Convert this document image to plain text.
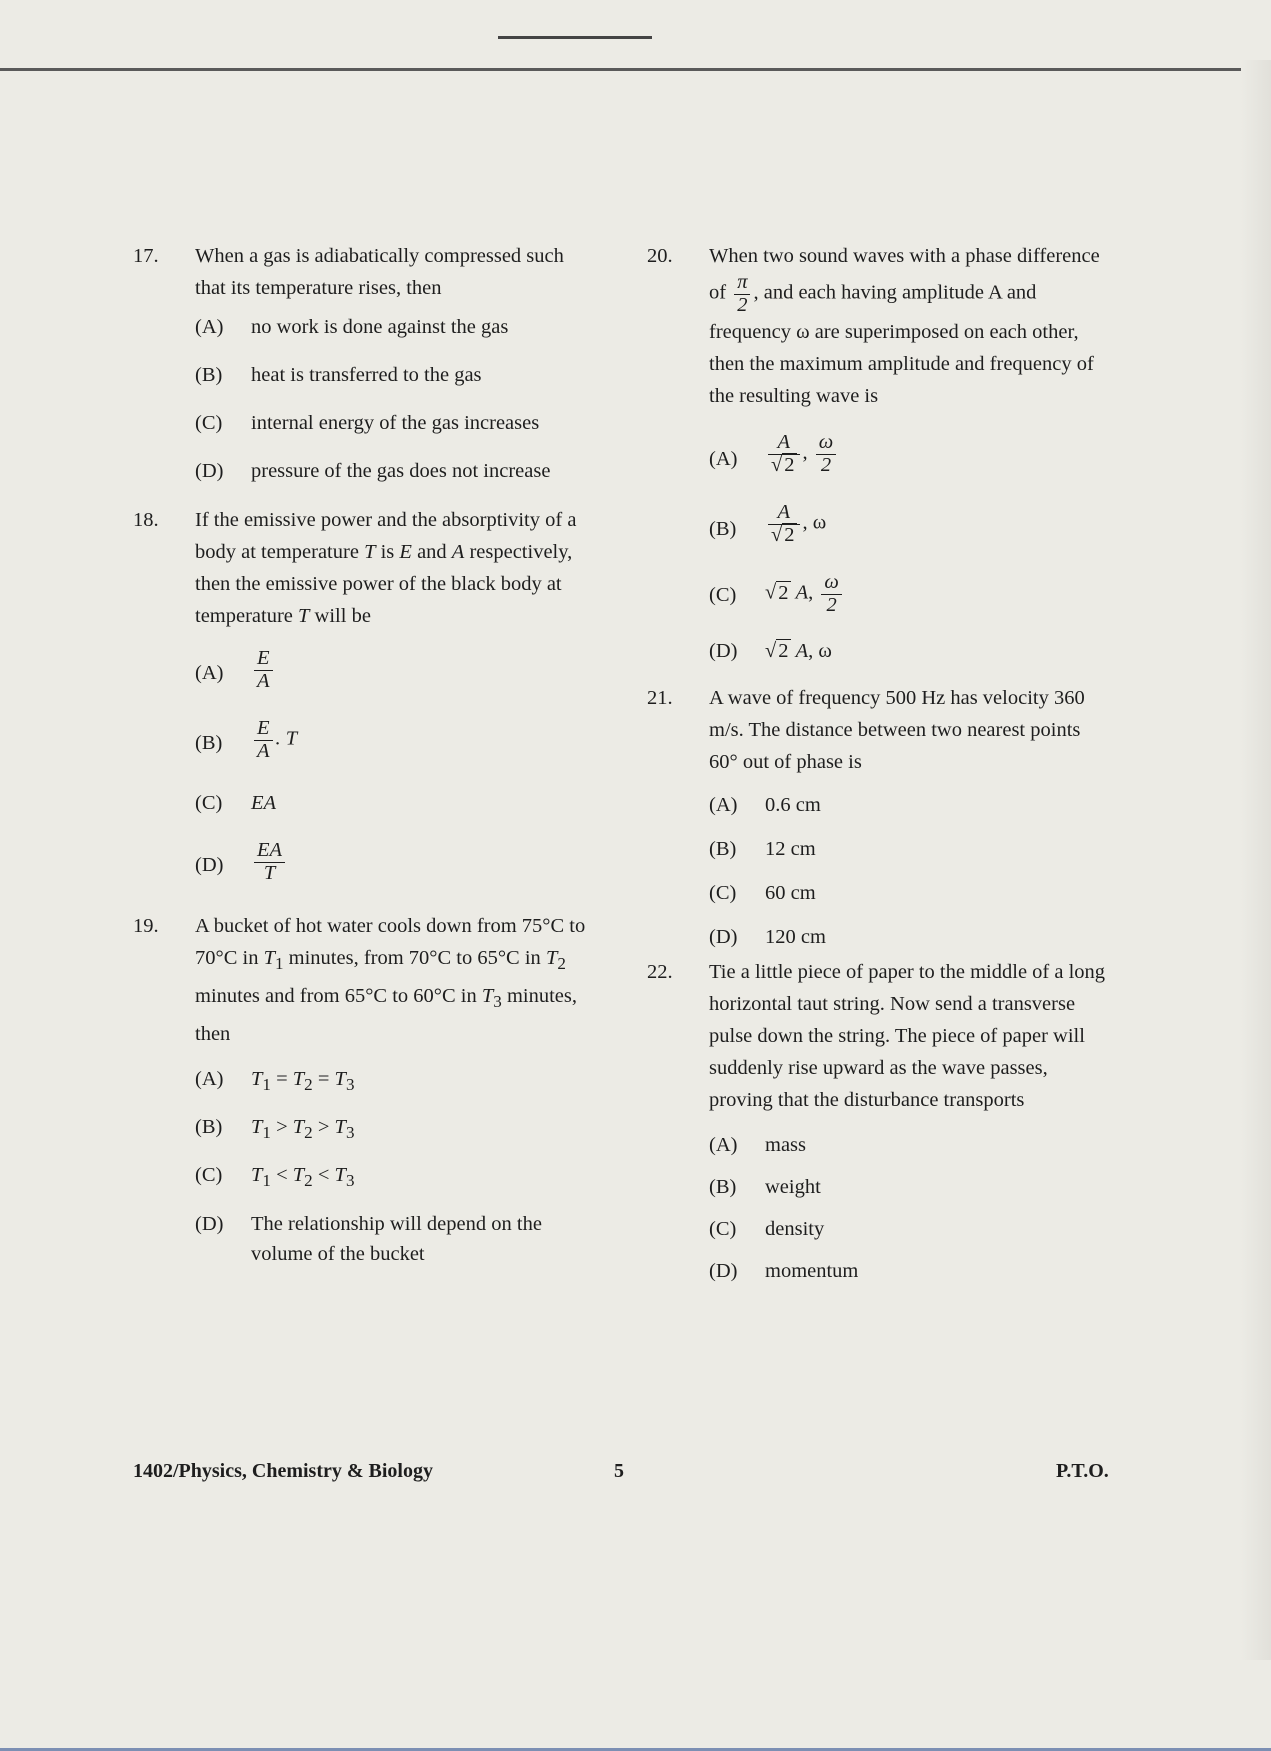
17. When a gas is adiabatically compressed such that its temperature rises, then
(A) no work is done against the gas
(B) heat is transferred to the gas
(C) internal energy of the gas increases
(D) pressure of the gas does not increase
18. If the emissive power and the absorptivity of a body at temperature T is E and A respectively, then the emissive power of the black body at temperature T will be
$(A) \frac{E}{A}$
$(B) \frac{E}{A}$ . T
(C) EA
$(D) \frac{EA}{T}$
19. A bucket of hot water cools down from 75°C to 70°C in $T_1$ minutes, from 70°C to 65°C in $T_2$ minutes and from 65°C to 60°C in $T_3$ minutes, then
(A) $T_1 = T_2 = T_3$
(B) $T_1 > T_2 > T_3$
(C) $T_1 < T_2 < T_3$
(D) The relationship will depend on the volume of the bucket
20. When two sound waves with a phase difference of $\frac{\pi}{2}$ , and each having amplitude A and frequency ω are superimposed on each other, then the maximum amplitude and frequency of the resulting wave is
$(A) \frac{A}{√2}$ , $\frac{\omega}{2}$
$(B) \frac{A}{√2}$ , ω
(C) √2 A, $\frac{\omega}{2}$
(D) √2 A, ω
21. A wave of frequency 500 Hz has velocity 360 m/s. The distance between two nearest points 60° out of phase is
(A) 0.6 cm
(B) 12 cm
(C) 60 cm
(D) 120 cm
22. Tie a little piece of paper to the middle of a long horizontal taut string. Now send a transverse pulse down the string. The piece of paper will suddenly rise upward as the wave passes, proving that the disturbance transports
(A) mass
(B) weight
(C) density
(D) momentum
1402/Physics, Chemistry & Biology	5	P.T.O.
